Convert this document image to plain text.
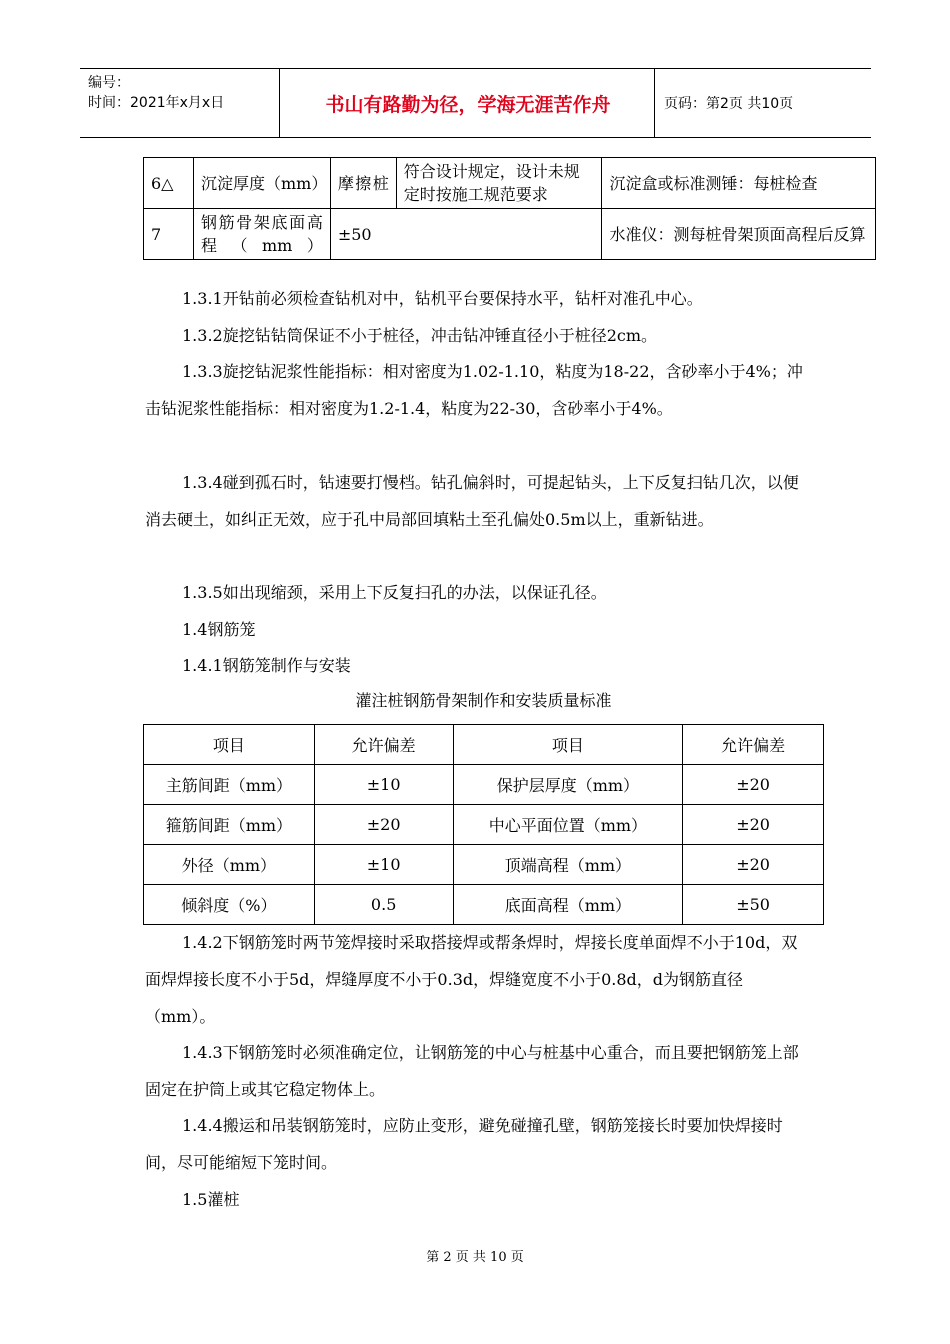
编号：
时间：2021年x月x日	书山有路勤为径，学海无涯苦作舟	页码：第2页 共10页
6△	沉淀厚度（mm）	摩擦桩	符合设计规定，设计未规定时按施工规范要求	沉淀盒或标准测锤：每桩检查
7	钢筋骨架底面高程（mm）	±50		水准仪：测每桩骨架顶面高程后反算

1.3.1开钻前必须检查钻机对中，钻机平台要保持水平，钻杆对准孔中心。

1.3.2旋挖钻钻筒保证不小于桩径，冲击钻冲锤直径小于桩径2cm。

1.3.3旋挖钻泥浆性能指标：相对密度为1.02-1.10，粘度为18-22，含砂率小于4%；冲击钻泥浆性能指标：相对密度为1.2-1.4，粘度为22-30，含砂率小于4%。

1.3.4碰到孤石时，钻速要打慢档。钻孔偏斜时，可提起钻头，上下反复扫钻几次，以便消去硬土，如纠正无效，应于孔中局部回填粘土至孔偏处0.5m以上，重新钻进。

1.3.5如出现缩颈，采用上下反复扫孔的办法，以保证孔径。

1.4钢筋笼

1.4.1钢筋笼制作与安装

灌注桩钢筋骨架制作和安装质量标准
项目	允许偏差	项目	允许偏差
主筋间距（mm）	±10	保护层厚度（mm）	±20
箍筋间距（mm）	±20	中心平面位置（mm）	±20
外径（mm）	±10	顶端高程（mm）	±20
倾斜度（%）	0.5	底面高程（mm）	±50

1.4.2下钢筋笼时两节笼焊接时采取搭接焊或帮条焊时，焊接长度单面焊不小于10d，双面焊焊接长度不小于5d，焊缝厚度不小于0.3d，焊缝宽度不小于0.8d，d为钢筋直径（mm）。

1.4.3下钢筋笼时必须准确定位，让钢筋笼的中心与桩基中心重合，而且要把钢筋笼上部固定在护筒上或其它稳定物体上。

1.4.4搬运和吊装钢筋笼时，应防止变形，避免碰撞孔壁，钢筋笼接长时要加快焊接时间，尽可能缩短下笼时间。

1.5灌桩

第 2 页 共 10 页
